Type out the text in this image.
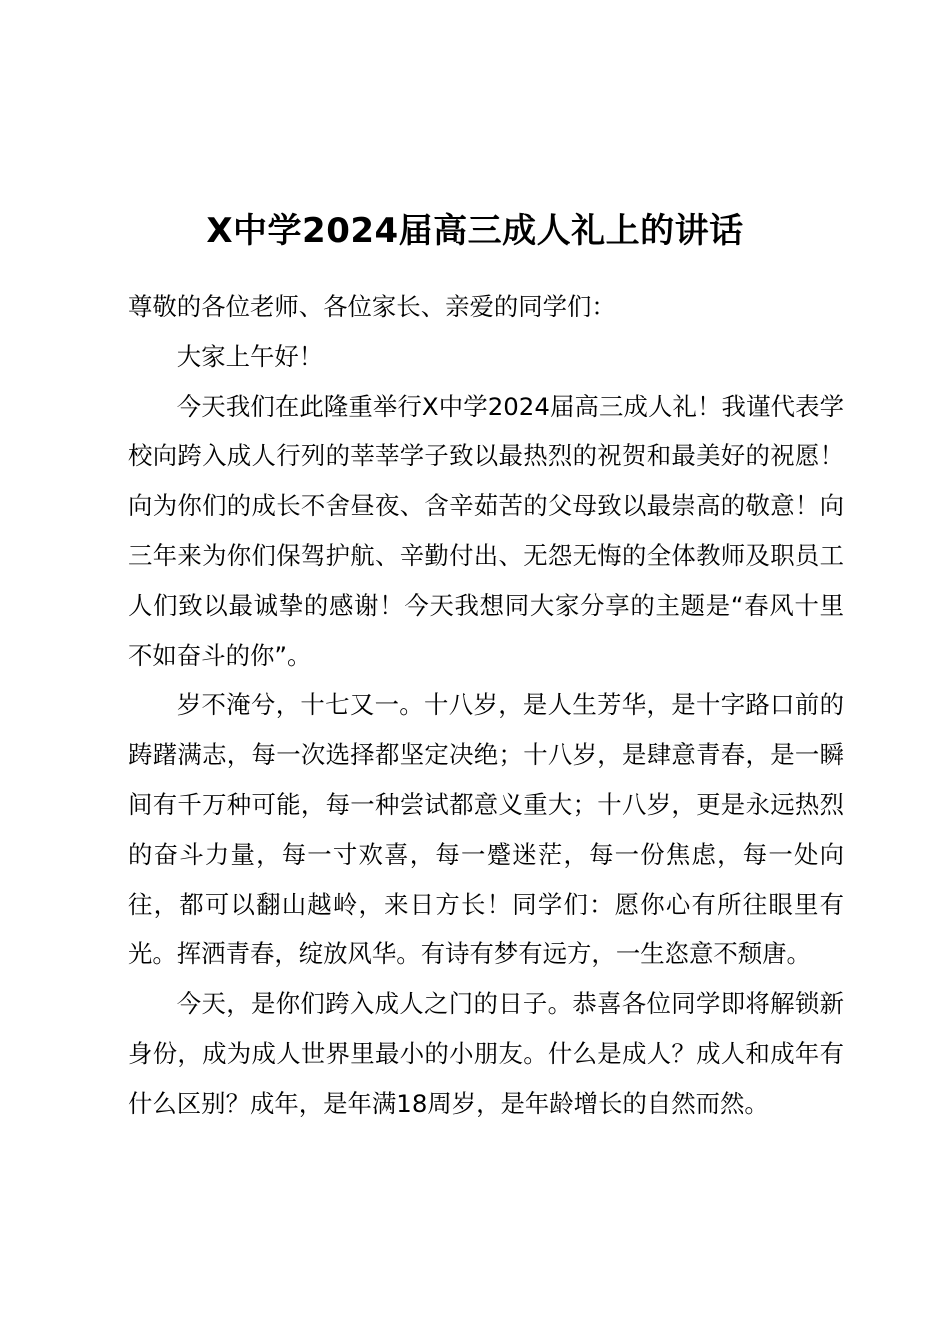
X中学2024届高三成人礼上的讲话

尊敬的各位老师、各位家长、亲爱的同学们：

大家上午好！

今天我们在此隆重举行X中学2024届高三成人礼！我谨代表学校向跨入成人行列的莘莘学子致以最热烈的祝贺和最美好的祝愿！向为你们的成长不舍昼夜、含辛茹苦的父母致以最崇高的敬意！向三年来为你们保驾护航、辛勤付出、无怨无悔的全体教师及职员工人们致以最诚挚的感谢！今天我想同大家分享的主题是“春风十里不如奋斗的你”。

岁不淹兮，十七又一。十八岁，是人生芳华，是十字路口前的踌躇满志，每一次选择都坚定决绝；十八岁，是肆意青春，是一瞬间有千万种可能，每一种尝试都意义重大；十八岁，更是永远热烈的奋斗力量，每一寸欢喜，每一蹙迷茫，每一份焦虑，每一处向往，都可以翻山越岭，来日方长！同学们：愿你心有所往眼里有光。挥洒青春，绽放风华。有诗有梦有远方，一生恣意不颓唐。

今天，是你们跨入成人之门的日子。恭喜各位同学即将解锁新身份，成为成人世界里最小的小朋友。什么是成人？成人和成年有什么区别？成年，是年满18周岁，是年龄增长的自然而然。
